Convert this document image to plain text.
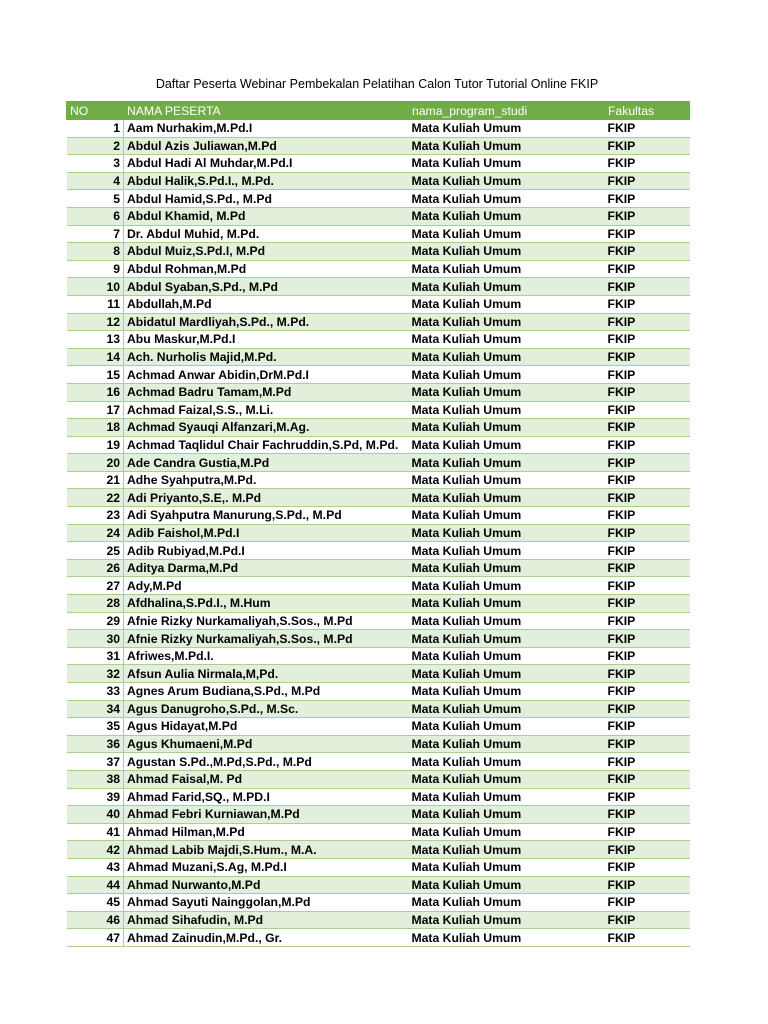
Daftar Peserta Webinar Pembekalan Pelatihan Calon Tutor Tutorial Online FKIP
NO	NAMA PESERTA	nama_program_studi	Fakultas
1	Aam Nurhakim,M.Pd.I	Mata Kuliah Umum	FKIP
2	Abdul Azis Juliawan,M.Pd	Mata Kuliah Umum	FKIP
3	Abdul Hadi Al Muhdar,M.Pd.I	Mata Kuliah Umum	FKIP
4	Abdul Halik,S.Pd.I., M.Pd.	Mata Kuliah Umum	FKIP
5	Abdul Hamid,S.Pd., M.Pd	Mata Kuliah Umum	FKIP
6	Abdul Khamid, M.Pd	Mata Kuliah Umum	FKIP
7	Dr. Abdul Muhid, M.Pd.	Mata Kuliah Umum	FKIP
8	Abdul Muiz,S.Pd.I, M.Pd	Mata Kuliah Umum	FKIP
9	Abdul Rohman,M.Pd	Mata Kuliah Umum	FKIP
10	Abdul Syaban,S.Pd., M.Pd	Mata Kuliah Umum	FKIP
11	Abdullah,M.Pd	Mata Kuliah Umum	FKIP
12	Abidatul Mardliyah,S.Pd., M.Pd.	Mata Kuliah Umum	FKIP
13	Abu Maskur,M.Pd.I	Mata Kuliah Umum	FKIP
14	Ach. Nurholis Majid,M.Pd.	Mata Kuliah Umum	FKIP
15	Achmad Anwar Abidin,DrM.Pd.I	Mata Kuliah Umum	FKIP
16	Achmad Badru Tamam,M.Pd	Mata Kuliah Umum	FKIP
17	Achmad Faizal,S.S., M.Li.	Mata Kuliah Umum	FKIP
18	Achmad Syauqi Alfanzari,M.Ag.	Mata Kuliah Umum	FKIP
19	Achmad Taqlidul Chair Fachruddin,S.Pd, M.Pd.	Mata Kuliah Umum	FKIP
20	Ade Candra Gustia,M.Pd	Mata Kuliah Umum	FKIP
21	Adhe Syahputra,M.Pd.	Mata Kuliah Umum	FKIP
22	Adi Priyanto,S.E,. M.Pd	Mata Kuliah Umum	FKIP
23	Adi Syahputra Manurung,S.Pd., M.Pd	Mata Kuliah Umum	FKIP
24	Adib Faishol,M.Pd.I	Mata Kuliah Umum	FKIP
25	Adib Rubiyad,M.Pd.I	Mata Kuliah Umum	FKIP
26	Aditya Darma,M.Pd	Mata Kuliah Umum	FKIP
27	Ady,M.Pd	Mata Kuliah Umum	FKIP
28	Afdhalina,S.Pd.I., M.Hum	Mata Kuliah Umum	FKIP
29	Afnie Rizky Nurkamaliyah,S.Sos., M.Pd	Mata Kuliah Umum	FKIP
30	Afnie Rizky Nurkamaliyah,S.Sos., M.Pd	Mata Kuliah Umum	FKIP
31	Afriwes,M.Pd.I.	Mata Kuliah Umum	FKIP
32	Afsun Aulia Nirmala,M,Pd.	Mata Kuliah Umum	FKIP
33	Agnes Arum Budiana,S.Pd., M.Pd	Mata Kuliah Umum	FKIP
34	Agus Danugroho,S.Pd., M.Sc.	Mata Kuliah Umum	FKIP
35	Agus Hidayat,M.Pd	Mata Kuliah Umum	FKIP
36	Agus Khumaeni,M.Pd	Mata Kuliah Umum	FKIP
37	Agustan S.Pd.,M.Pd,S.Pd., M.Pd	Mata Kuliah Umum	FKIP
38	Ahmad Faisal,M. Pd	Mata Kuliah Umum	FKIP
39	Ahmad Farid,SQ., M.PD.I	Mata Kuliah Umum	FKIP
40	Ahmad Febri Kurniawan,M.Pd	Mata Kuliah Umum	FKIP
41	Ahmad Hilman,M.Pd	Mata Kuliah Umum	FKIP
42	Ahmad Labib Majdi,S.Hum., M.A.	Mata Kuliah Umum	FKIP
43	Ahmad Muzani,S.Ag, M.Pd.I	Mata Kuliah Umum	FKIP
44	Ahmad Nurwanto,M.Pd	Mata Kuliah Umum	FKIP
45	Ahmad Sayuti Nainggolan,M.Pd	Mata Kuliah Umum	FKIP
46	Ahmad Sihafudin, M.Pd	Mata Kuliah Umum	FKIP
47	Ahmad Zainudin,M.Pd., Gr.	Mata Kuliah Umum	FKIP
